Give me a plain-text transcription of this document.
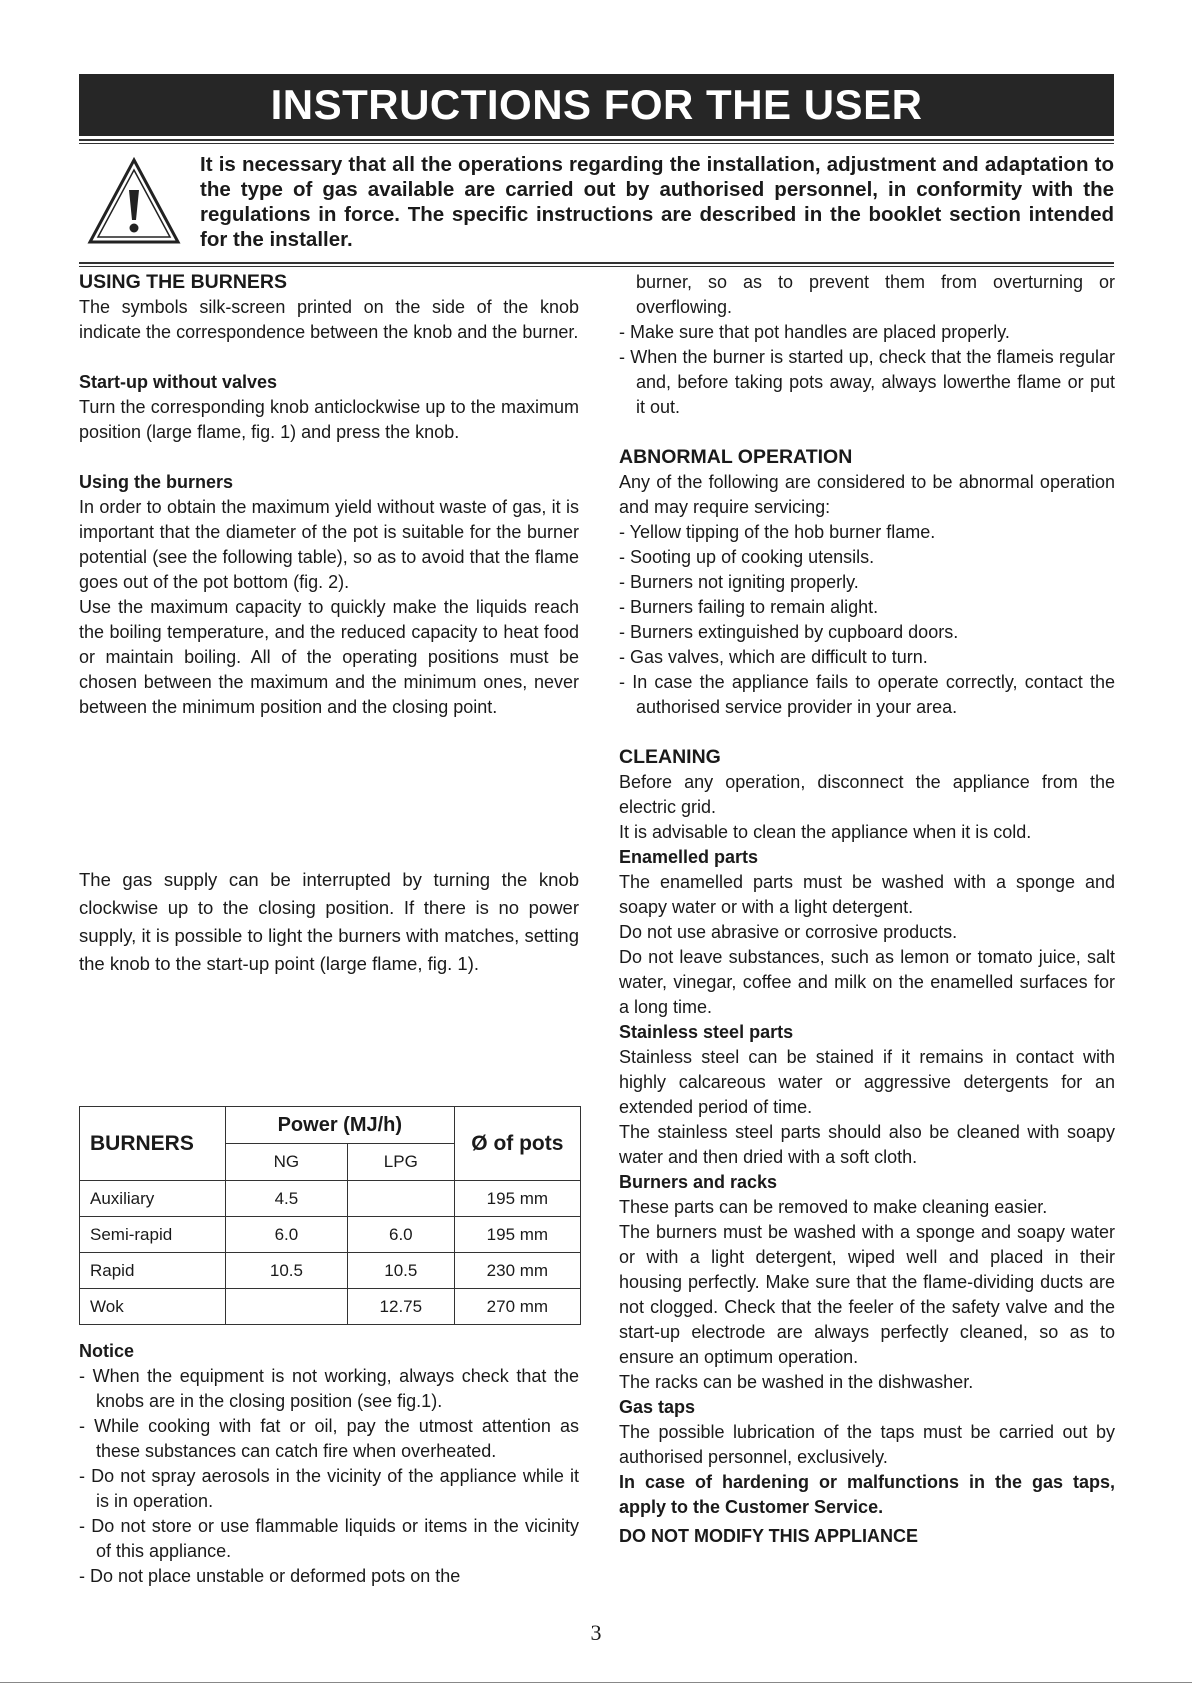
INSTRUCTIONS FOR THE USER
It is necessary that all the operations regarding the installation, adjustment and adaptation to the type of gas available are carried out by authorised personnel, in conformity with the regulations in force. The specific instructions are described in the booklet section intended for the installer.
USING THE BURNERS

The symbols silk-screen printed on the side of the knob indicate the correspondence between the knob and the burner.

Start-up without valves

Turn the corresponding knob anticlockwise up to the maximum position (large flame, fig. 1) and press the knob.

Using the burners

In order to obtain the maximum yield without waste of gas, it is important that the diameter of the pot is suitable for the burner potential (see the following table), so as to avoid that the flame goes out of the pot bottom (fig. 2).

Use the maximum capacity to quickly make the liquids reach the boiling temperature, and the reduced capacity to heat food or maintain boiling. All of the operating positions must be chosen between the maximum and the minimum ones, never between the minimum position and the closing point.

The gas supply can be interrupted by turning the knob clockwise up to the closing position. If there is no power supply, it is possible to light the burners with matches, setting the knob to the start-up point (large flame, fig. 1).

BURNERS	Power (MJ/h)		Ø of pots
	NG	LPG	
Auxiliary	4.5		195 mm
Semi-rapid	6.0	6.0	195 mm
Rapid	10.5	10.5	230 mm
Wok		12.75	270 mm
Notice

- When the equipment is not working, always check that the knobs are in the closing position (see fig.1).

- While cooking with fat or oil, pay the utmost attention as these substances can catch fire when overheated.

- Do not spray aerosols in the vicinity of the appliance while it is in operation.

- Do not store or use flammable liquids or items in the vicinity of this appliance.

- Do not place unstable or deformed pots on the

burner, so as to prevent them from overturning or overflowing.

- Make sure that pot handles are placed properly.

- When the burner is started up, check that the flameis regular and, before taking pots away, always lowerthe flame or put it out.

ABNORMAL OPERATION

Any of the following are considered to be abnormal operation and may require servicing:

- Yellow tipping of the hob burner flame.

- Sooting up of cooking utensils.

- Burners not igniting properly.

- Burners failing to remain alight.

- Burners extinguished by cupboard doors.

- Gas valves, which are difficult to turn.

- In case the appliance fails to operate correctly, contact the authorised service provider in your area.

CLEANING

Before any operation, disconnect the appliance from the electric grid.

It is advisable to clean the appliance when it is cold.

Enamelled parts

The enamelled parts must be washed with a sponge and soapy water or with a light detergent.

Do not use abrasive or corrosive products.

Do not leave substances, such as lemon or tomato juice, salt water, vinegar, coffee and milk on the enamelled surfaces for a long time.

Stainless steel parts

Stainless steel can be stained if it remains in contact with highly calcareous water or aggressive detergents for an extended period of time.

The stainless steel parts should also be cleaned with soapy water and then dried with a soft cloth.

Burners and racks

These parts can be removed to make cleaning easier.

The burners must be washed with a sponge and soapy water or with a light detergent, wiped well and placed in their housing perfectly. Make sure that the flame-dividing ducts are not clogged. Check that the feeler of the safety valve and the start-up electrode are always perfectly cleaned, so as to ensure an optimum operation.

The racks can be washed in the dishwasher.

Gas taps

The possible lubrication of the taps must be carried out by authorised personnel, exclusively.

In case of hardening or malfunctions in the gas taps, apply to the Customer Service.

DO NOT MODIFY THIS APPLIANCE

3
